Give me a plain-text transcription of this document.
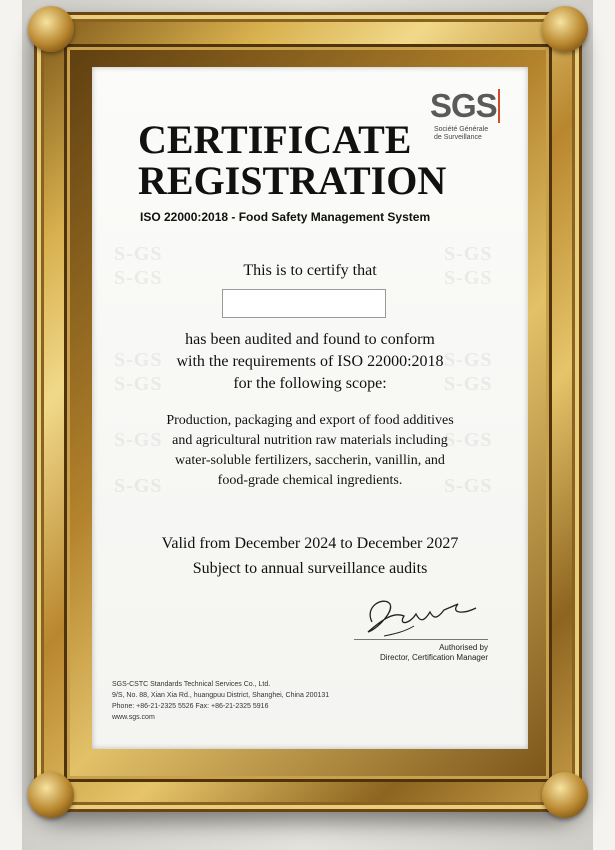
S-GS
S-GS
S-GS
S-GS
S-GS
S-GS
S-GS
S-GS
S-GS
S-GS
S-GS
S-GS
SGS
Société Générale
de Surveillance
CERTIFICATE
REGISTRATION
ISO 22000:2018 - Food Safety Management System
This is to certify that
has been audited and found to conform
with the requirements of ISO 22000:2018
for the following scope:
Production, packaging and export of food additives
and agricultural nutrition raw materials including
water-soluble fertilizers, saccherin, vanillin, and
food-grade chemical ingredients.
Valid from December 2024 to December 2027
Subject to annual surveillance audits
Authorised by
Director, Certification Manager
SGS-CSTC Standards Technical Services Co., Ltd.
9/S, No. 88, Xian Xia Rd., huangpuu District, Shanghei, China 200131
Phone: +86-21-2325 5526 Fax: +86-21-2325 5916
www.sgs.com
